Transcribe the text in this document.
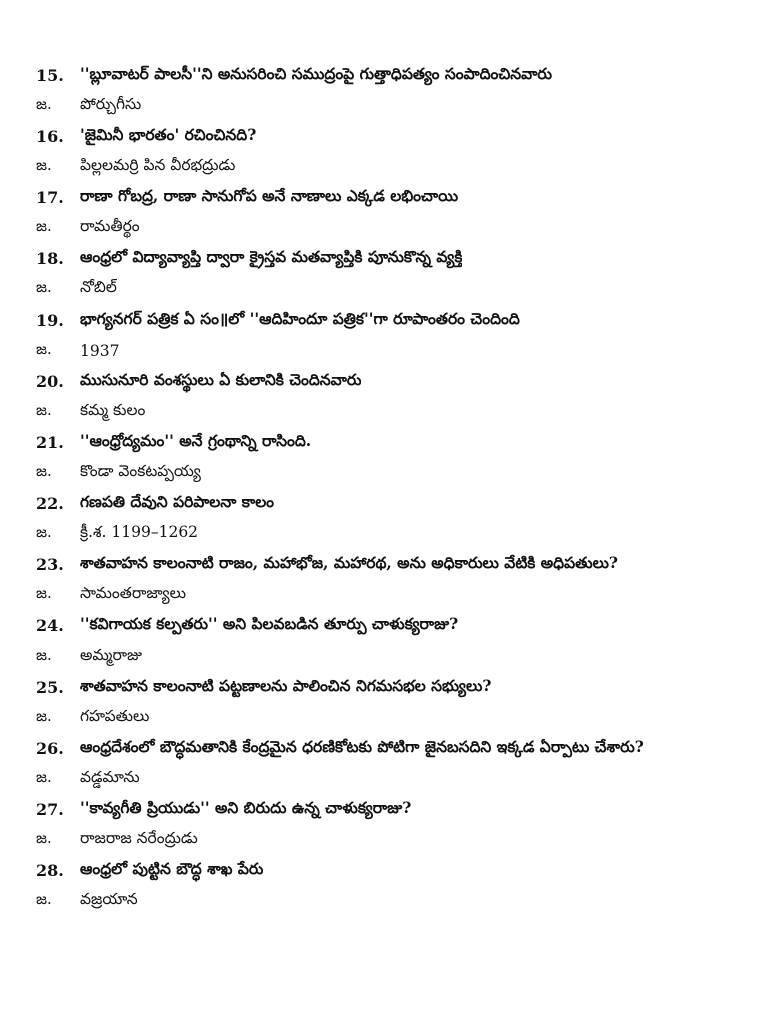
15.	''బ్లూవాటర్ పాలసీ''ని అనుసరించి సముద్రంపై గుత్తాధిపత్యం సంపాదించినవారు
జ.	పోర్చుగీసు
16.	'జైమినీ భారతం' రచించినది?
జ.	పిల్లలమర్రి పిన వీరభద్రుడు
17.	రాణా గోబద్ర, రాణా సానుగోప అనే నాణాలు ఎక్కడ లభించాయి
జ.	రామతీర్థం
18.	ఆంధ్రలో విద్యావ్యాప్తి ద్వారా క్రైస్తవ మతవ్యాప్తికి పూనుకొన్న వ్యక్తి
జ.	నోబిల్
19.	భాగ్యనగర్ పత్రిక ఏ సం॥లో ''ఆదిహిందూ పత్రిక''గా రూపాంతరం చెందింది
జ.	1937
20.	ముసునూరి వంశస్థులు ఏ కులానికి చెందినవారు
జ.	కమ్మ కులం
21.	''ఆంధ్రోద్యమం'' అనే గ్రంథాన్ని రాసింది.
జ.	కొండా వెంకటప్పయ్య
22.	గణపతి దేవుని పరిపాలనా కాలం
జ.	క్రీ.శ. 1199–1262
23.	శాతవాహన కాలంనాటి రాజం, మహాభోజ, మహారథ, అను అధికారులు వేటికి అధిపతులు?
జ.	సామంతరాజ్యాలు
24.	''కవిగాయక కల్పతరు'' అని పిలవబడిన తూర్పు చాళుక్యరాజు?
జ.	అమ్మరాజు
25.	శాతవాహన కాలంనాటి పట్టణాలను పాలించిన నిగమసభల సభ్యులు?
జ.	గహపతులు
26.	ఆంధ్రదేశంలో బౌద్ధమతానికి కేంద్రమైన ధరణికోటకు పోటిగా జైనబసదిని ఇక్కడ ఏర్పాటు చేశారు?
జ.	వడ్డమాను
27.	''కావ్యగీతి ప్రియుడు'' అని బిరుదు ఉన్న చాళుక్యరాజు?
జ.	రాజరాజ నరేంద్రుడు
28.	ఆంధ్రలో పుట్టిన బౌద్ధ శాఖ పేరు
జ.	వజ్రయాన
